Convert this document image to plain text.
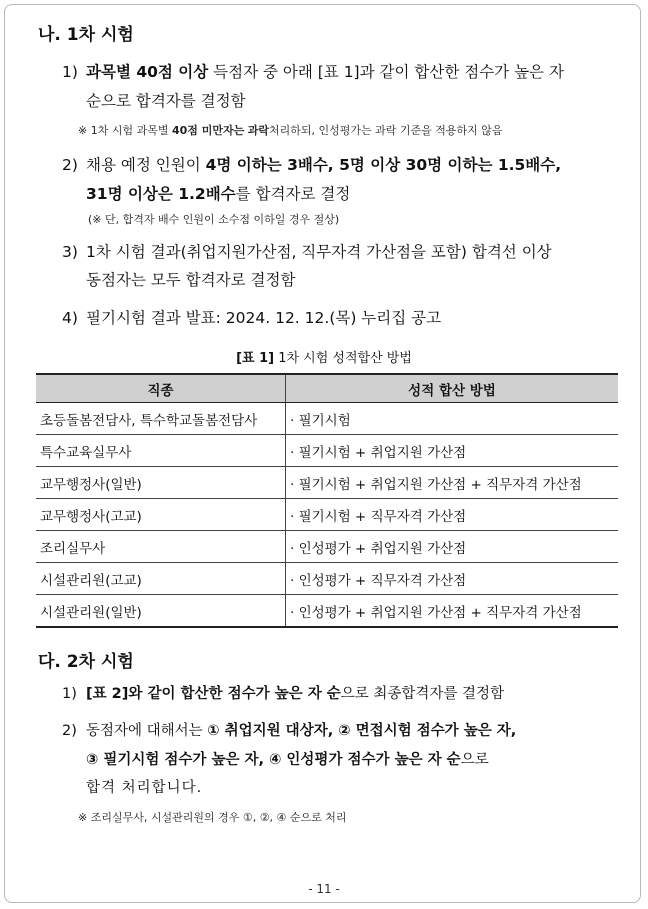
나. 1차 시험
1) 과목별 40점 이상 득점자 중 아래 [표 1]과 같이 합산한 점수가 높은 자
순으로 합격자를 결정함
※ 1차 시험 과목별 40점 미만자는 과락처리하되, 인성평가는 과락 기준을 적용하지 않음
2) 채용 예정 인원이 4명 이하는 3배수, 5명 이상 30명 이하는 1.5배수,
31명 이상은 1.2배수를 합격자로 결정
(※ 단, 합격자 배수 인원이 소수점 이하일 경우 절상)
3) 1차 시험 결과(취업지원가산점, 직무자격 가산점을 포함) 합격선 이상
동점자는 모두 합격자로 결정함
4) 필기시험 결과 발표: 2024. 12. 12.(목) 누리집 공고
[표 1] 1차 시험 성적합산 방법
직종	성적 합산 방법
초등돌봄전담사, 특수학교돌봄전담사	· 필기시험
특수교육실무사	· 필기시험 + 취업지원 가산점
교무행정사(일반)	· 필기시험 + 취업지원 가산점 + 직무자격 가산점
교무행정사(고교)	· 필기시험 + 직무자격 가산점
조리실무사	· 인성평가 + 취업지원 가산점
시설관리원(고교)	· 인성평가 + 직무자격 가산점
시설관리원(일반)	· 인성평가 + 취업지원 가산점 + 직무자격 가산점
다. 2차 시험
1) [표 2]와 같이 합산한 점수가 높은 자 순으로 최종합격자를 결정함
2) 동점자에 대해서는 ① 취업지원 대상자, ② 면접시험 점수가 높은 자,
③ 필기시험 점수가 높은 자, ④ 인성평가 점수가 높은 자 순으로
합격 처리합니다.
※ 조리실무사, 시설관리원의 경우 ①, ②, ④ 순으로 처리
- 11 -
